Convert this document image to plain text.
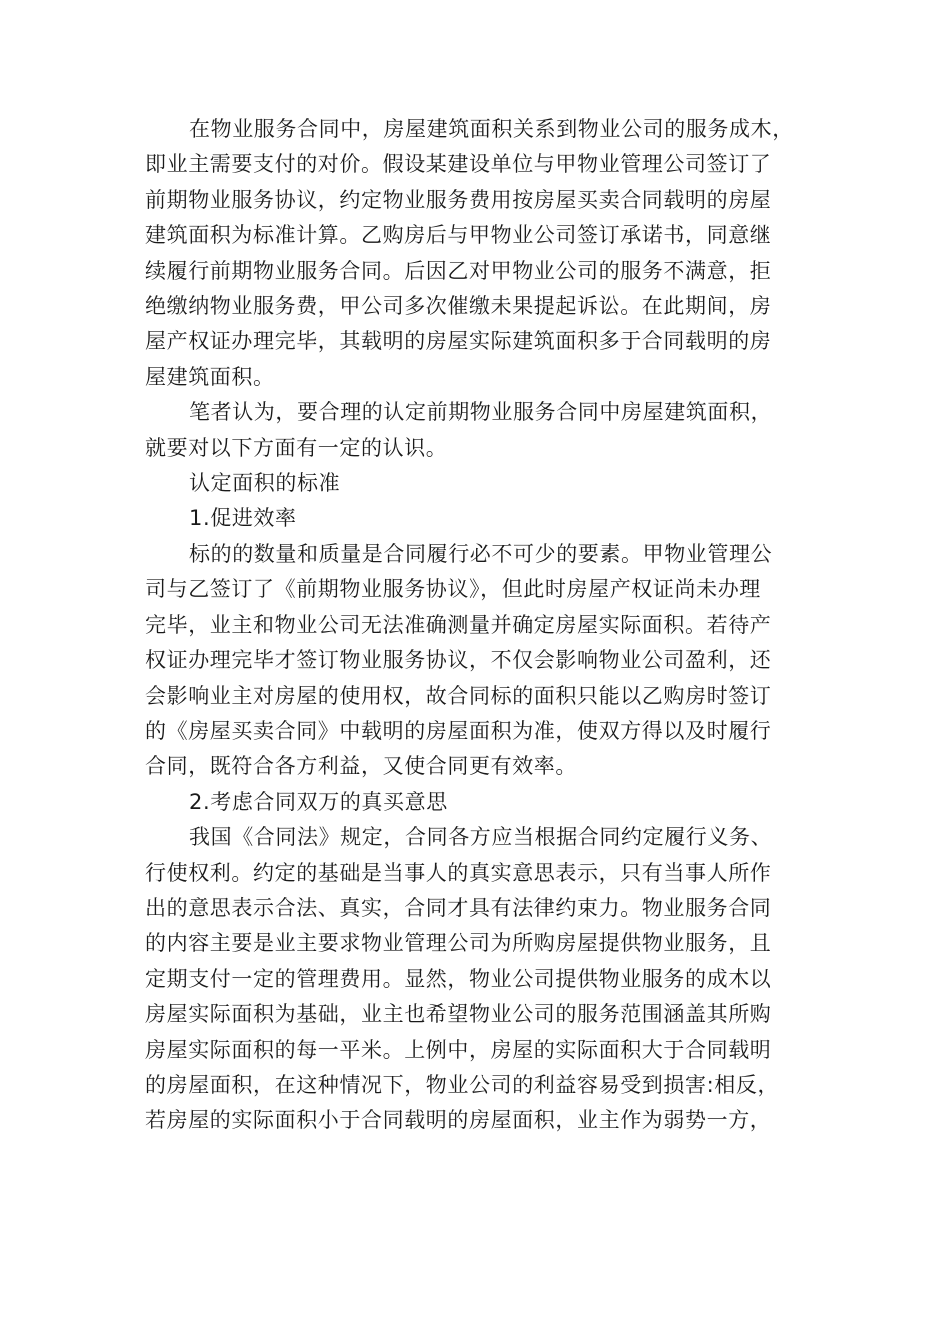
在物业服务合同中，房屋建筑面积关系到物业公司的服务成木，
即业主需要支付的对价。假设某建设单位与甲物业管理公司签订了
前期物业服务协议，约定物业服务费用按房屋买卖合同载明的房屋
建筑面积为标准计算。乙购房后与甲物业公司签订承诺书，同意继
续履行前期物业服务合同。后因乙对甲物业公司的服务不满意，拒
绝缴纳物业服务费，甲公司多次催缴未果提起诉讼。在此期间，房
屋产权证办理完毕，其载明的房屋实际建筑面积多于合同载明的房
屋建筑面积。
笔者认为，要合理的认定前期物业服务合同中房屋建筑面积，
就要对以下方面有一定的认识。
认定面积的标准
1.促进效率
标的的数量和质量是合同履行必不可少的要素。甲物业管理公
司与乙签订了《前期物业服务协议》，但此时房屋产权证尚未办理
完毕，业主和物业公司无法准确测量并确定房屋实际面积。若待产
权证办理完毕才签订物业服务协议，不仅会影响物业公司盈利，还
会影响业主对房屋的使用权，故合同标的面积只能以乙购房时签订
的《房屋买卖合同》中载明的房屋面积为准，使双方得以及时履行
合同，既符合各方利益，又使合同更有效率。
2.考虑合同双万的真买意思
我国《合同法》规定，合同各方应当根据合同约定履行义务、
行使权利。约定的基础是当事人的真实意思表示，只有当事人所作
出的意思表示合法、真实，合同才具有法律约束力。物业服务合同
的内容主要是业主要求物业管理公司为所购房屋提供物业服务，且
定期支付一定的管理费用。显然，物业公司提供物业服务的成木以
房屋实际面积为基础，业主也希望物业公司的服务范围涵盖其所购
房屋实际面积的每一平米。上例中，房屋的实际面积大于合同载明
的房屋面积，在这种情况下，物业公司的利益容易受到损害:相反，
若房屋的实际面积小于合同载明的房屋面积，业主作为弱势一方，
